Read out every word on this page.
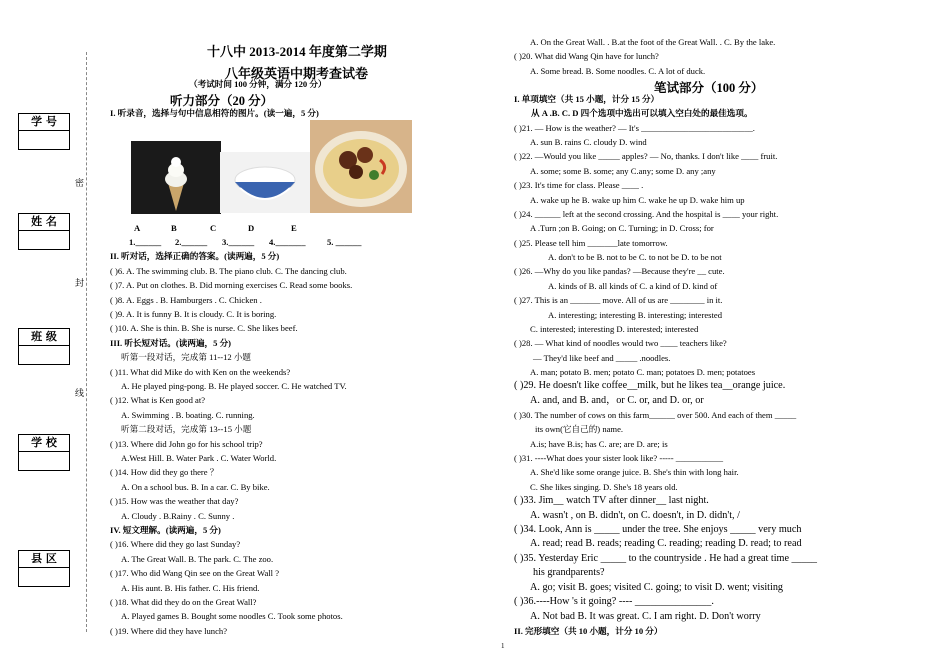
学 号
姓 名
班 级
学 校
县 区
密
封
线
十八中 2013-2014 年度第二学期
八年级英语中期考查试卷
（考试时间 100 分钟，满分 120 分）
听力部分（20 分）
I. 听录音，选择与句中信息相符的图片。(读一遍，5 分)
A	B	C	D	E
1.______ 2.______ 3.______ 4._______ 5. ______
II. 听对话，选择正确的答案。(读两遍，5 分)
( )6. A. The swimming club. B. The piano club. C. The dancing club.
( )7. A. Put on clothes. B. Did morning exercises C. Read some books.
( )8. A. Eggs . B. Hamburgers . C. Chicken .
( )9. A. It is funny B. It is cloudy. C. It is boring.
( )10. A. She is thin. B. She is nurse. C. She likes beef.
III. 听长短对话。(读两遍，5 分)
听第一段对话，完成第 11--12 小题
( )11. What did Mike do with Ken on the weekends?
A. He played ping-pong. B. He played soccer. C. He watched TV.
( )12. What is Ken good at?
A. Swimming . B. boating. C. running.
听第二段对话，完成第 13--15 小题
( )13. Where did John go for his school trip?
A.West Hill. B. Water Park . C. Water World.
( )14. How did they go there ？
A. On a school bus. B. In a car. C. By bike.
( )15. How was the weather that day?
A. Cloudy . B.Rainy . C. Sunny .
IV. 短文理解。(读两遍，5 分)
( )16. Where did they go last Sunday?
A. The Great Wall. B. The park. C. The zoo.
( )17. Who did Wang Qin see on the Great Wall ?
A. His aunt. B. His father. C. His friend.
( )18. What did they do on the Great Wall?
A. Played games B. Bought some noodles C. Took some photos.
( )19. Where did they have lunch?
A. On the Great Wall. . B.at the foot of the Great Wall. . C. By the lake.
( )20. What did Wang Qin have for lunch?
A. Some bread. B. Some noodles. C. A lot of duck.
笔试部分（100 分）
I. 单项填空（共 15 小题，计分 15 分）
从 A .B. C. D 四个选项中选出可以填入空白处的最佳选项。
( )21. — How is the weather? — It's __________________________.
A. sun B. rains C. cloudy D. wind
( )22. —Would you like _____ apples? — No, thanks. I don't like ____ fruit.
A. some; some B. some; any C.any; some D. any ;any
( )23. It's time for class. Please ____ .
A. wake up he B. wake up him C. wake he up D. wake him up
( )24. ______ left at the second crossing. And the hospital is ____ your right.
A .Turn ;on B. Going; on C. Turning; in D. Cross; for
( )25. Please tell him _______late tomorrow.
A. don't to be B. not to be C. to not be D. to be not
( )26. —Why do you like pandas? —Because they're __ cute.
A. kinds of B. all kinds of C. a kind of D. kind of
( )27. This is an _______ move. All of us are ________ in it.
A. interesting; interesting B. interesting; interested
C. interested; interesting D. interested; interested
( )28. — What kind of noodles would two ____ teachers like?
— They'd like beef and _____ .noodles.
A. man; potato B. men; potato C. man; potatoes D. men; potatoes
( )29. He doesn't like coffee__milk, but he likes tea__orange juice.
A. and, and B. and，or C. or, and D. or, or
( )30. The number of cows on this farm______ over 500. And each of them _____
its own(它自己的) name.
A.is; have B.is; has C. are; are D. are; is
( )31. ----What does your sister look like? ----- ___________
A. She'd like some orange juice. B. She's thin with long hair.
C. She likes singing. D. She's 18 years old.
( )33. Jim__ watch TV after dinner__ last night.
A. wasn't , on B. didn't, on C. doesn't, in D. didn't, /
( )34. Look, Ann is _____ under the tree. She enjoys _____ very much
A. read; read B. reads; reading C. reading; reading D. read; to read
( )35. Yesterday Eric _____ to the countryside . He had a great time _____
his grandparents?
A. go; visit B. goes; visited C. going; to visit D. went; visiting
( )36.----How 's it going? ---- _______________.
A. Not bad B. It was great. C. I am right. D. Don't worry
II. 完形填空（共 10 小题，计分 10 分）
1
